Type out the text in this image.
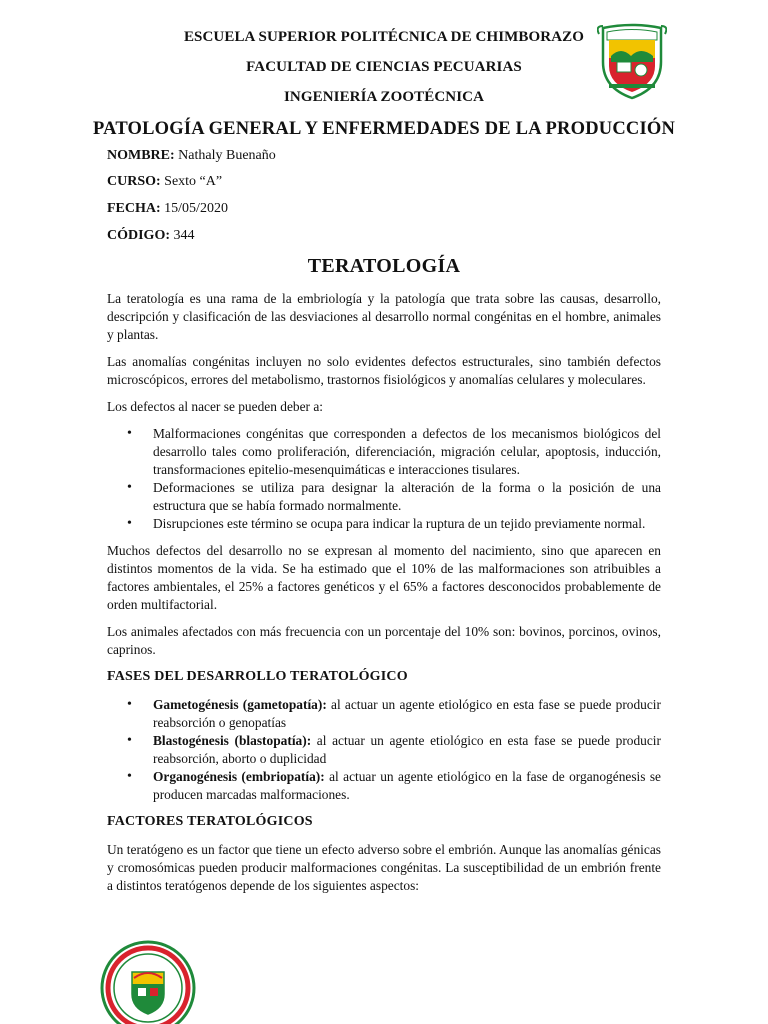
ESCUELA SUPERIOR POLITÉCNICA DE CHIMBORAZO
FACULTAD DE CIENCIAS PECUARIAS
INGENIERÍA ZOOTÉCNICA
PATOLOGÍA GENERAL Y ENFERMEDADES DE LA PRODUCCIÓN
NOMBRE: Nathaly Buenaño
CURSO: Sexto “A”
FECHA: 15/05/2020
CÓDIGO: 344
TERATOLOGÍA

La teratología es una rama de la embriología y la patología que trata sobre las causas, desarrollo, descripción y clasificación de las desviaciones al desarrollo normal congénitas en el hombre, animales y plantas.

Las anomalías congénitas incluyen no solo evidentes defectos estructurales, sino también defectos microscópicos, errores del metabolismo, trastornos fisiológicos y anomalías celulares y moleculares.

Los defectos al nacer se pueden deber a:

• Malformaciones congénitas que corresponden a defectos de los mecanismos biológicos del desarrollo tales como proliferación, diferenciación, migración celular, apoptosis, inducción, transformaciones epitelio-mesenquimáticas e interacciones tisulares.
• Deformaciones se utiliza para designar la alteración de la forma o la posición de una estructura que se había formado normalmente.
• Disrupciones este término se ocupa para indicar la ruptura de un tejido previamente normal.

Muchos defectos del desarrollo no se expresan al momento del nacimiento, sino que aparecen en distintos momentos de la vida. Se ha estimado que el 10% de las malformaciones son atribuibles a factores ambientales, el 25% a factores genéticos y el 65% a factores desconocidos probablemente de orden multifactorial.

Los animales afectados con más frecuencia con un porcentaje del 10% son: bovinos, porcinos, ovinos, caprinos.

FASES DEL DESARROLLO TERATOLÓGICO
• Gametogénesis (gametopatía): al actuar un agente etiológico en esta fase se puede producir reabsorción o genopatías
• Blastogénesis (blastopatía): al actuar un agente etiológico en esta fase se puede producir reabsorción, aborto o duplicidad
• Organogénesis (embriopatía): al actuar un agente etiológico en la fase de organogénesis se producen marcadas malformaciones.
FACTORES TERATOLÓGICOS

Un teratógeno es un factor que tiene un efecto adverso sobre el embrión. Aunque las anomalías génicas y cromosómicas pueden producir malformaciones congénitas. La susceptibilidad de un embrión frente a distintos teratógenos depende de los siguientes aspectos:
